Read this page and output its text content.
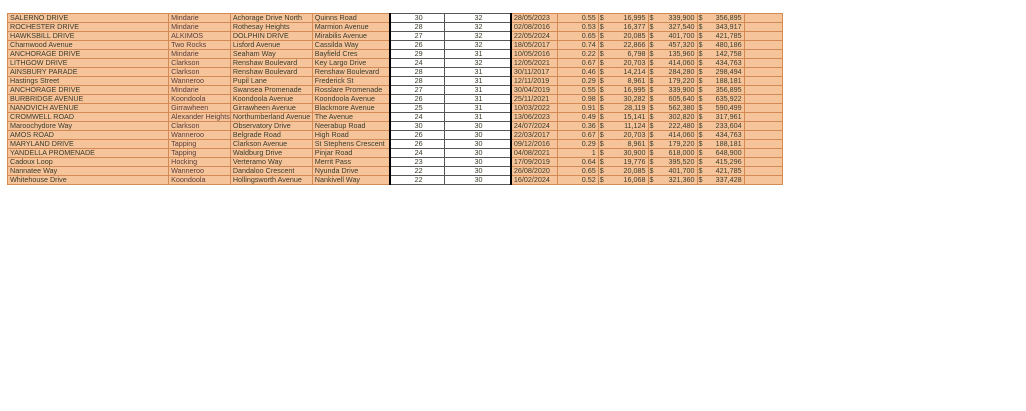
SALERNO DRIVE	Mindarie	Achorage Drive North	Quinns Road	30	32	28/05/2023	0.55	$ 16,995	$ 339,900	$ 356,895	

ROCHESTER DRIVE	Mindarie	Rothesay Heights	Marmion Avenue	28	32	02/08/2016	0.53	$ 16,377	$ 327,540	$ 343,917	

HAWKSBILL DRIVE	ALKIMOS	DOLPHIN DRIVE	Mirabilis Avenue	27	32	22/05/2024	0.65	$ 20,085	$ 401,700	$ 421,785	

Charnwood Avenue	Two Rocks	Lisford Avenue	Cassilda Way	26	32	18/05/2017	0.74	$ 22,866	$ 457,320	$ 480,186	

ANCHORAGE DRIVE	Mindarie	Seaham Way	Bayfield Cres	29	31	10/05/2016	0.22	$ 6,798	$ 135,960	$ 142,758	

LITHGOW DRIVE	Clarkson	Renshaw Boulevard	Key Largo Drive	24	32	12/05/2021	0.67	$ 20,703	$ 414,060	$ 434,763	

AINSBURY PARADE	Clarkson	Renshaw Boulevard	Renshaw Boulevard	28	31	30/11/2017	0.46	$ 14,214	$ 284,280	$ 298,494	

Hastings Street	Wanneroo	Pupil Lane	Frederick St	28	31	12/11/2019	0.29	$ 8,961	$ 179,220	$ 188,181	

ANCHORAGE DRIVE	Mindarie	Swansea Promenade	Rosslare Promenade	27	31	30/04/2019	0.55	$ 16,995	$ 339,900	$ 356,895	

BURBRIDGE AVENUE	Koondoola	Koondoola Avenue	Koondoola Avenue	26	31	25/11/2021	0.98	$ 30,282	$ 605,640	$ 635,922	

NANOVICH AVENUE	Girrawheen	Girrawheen Avenue	Blackmore Avenue	25	31	10/03/2022	0.91	$ 28,119	$ 562,380	$ 590,499	

CROMWELL ROAD	Alexander Heights	Northumberland Avenue	The Avenue	24	31	13/06/2023	0.49	$ 15,141	$ 302,820	$ 317,961	

Maroochydore Way	Clarkson	Observatory Drive	Neerabup Road	30	30	24/07/2024	0.36	$ 11,124	$ 222,480	$ 233,604	

AMOS ROAD	Wanneroo	Belgrade Road	High Road	26	30	22/03/2017	0.67	$ 20,703	$ 414,060	$ 434,763	

MARYLAND DRIVE	Tapping	Clarkson Avenue	St Stephens Crescent	26	30	09/12/2016	0.29	$ 8,961	$ 179,220	$ 188,181	

YANDELLA PROMENADE	Tapping	Waldburg Drive	Pinjar Road	24	30	04/08/2021	1	$ 30,900	$ 618,000	$ 648,900	

Cadoux Loop	Hocking	Verteramo Way	Merrit Pass	23	30	17/09/2019	0.64	$ 19,776	$ 395,520	$ 415,296	

Nannatee Way	Wanneroo	Dandaloo Crescent	Nyunda Drive	22	30	26/08/2020	0.65	$ 20,085	$ 401,700	$ 421,785	

Whitehouse Drive	Koondoola	Hollingsworth Avenue	Nankivell Way	22	30	16/02/2024	0.52	$ 16,068	$ 321,360	$ 337,428	
